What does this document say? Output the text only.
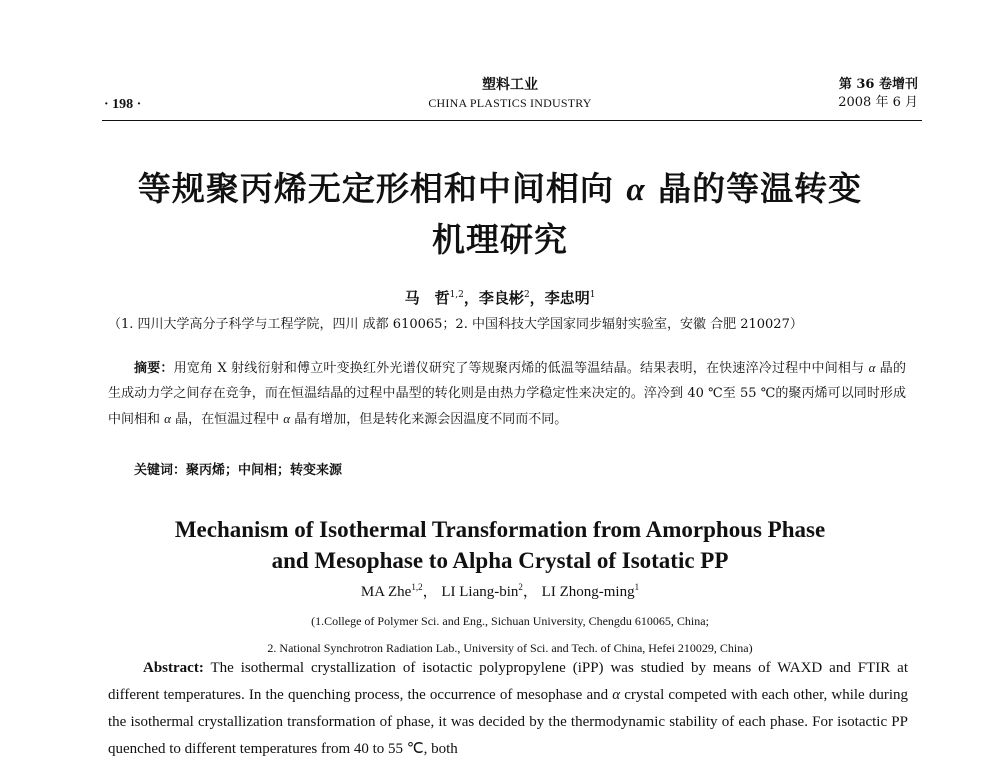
· 198 ·
塑料工业
CHINA PLASTICS INDUSTRY
第 36 卷增刊
2008 年 6 月
等规聚丙烯无定形相和中间相向 α 晶的等温转变
机理研究
马　哲$^{1,2}$，李良彬$^2$，李忠明$^1$
（1. 四川大学高分子科学与工程学院，四川 成都 610065；2. 中国科技大学国家同步辐射实验室，安徽 合肥 210027）
摘要：用宽角 X 射线衍射和傅立叶变换红外光谱仪研究了等规聚丙烯的低温等温结晶。结果表明，在快速淬冷过程中中间相与 α 晶的生成动力学之间存在竞争，而在恒温结晶的过程中晶型的转化则是由热力学稳定性来决定的。淬冷到 40 ℃至 55 ℃的聚丙烯可以同时形成中间相和 α 晶，在恒温过程中 α 晶有增加，但是转化来源会因温度不同而不同。
关键词：聚丙烯；中间相；转变来源
Mechanism of Isothermal Transformation from Amorphous Phase
and Mesophase to Alpha Crystal of Isotatic PP
MA Zhe$^{1,2}$， LI Liang-bin$^2$， LI Zhong-ming$^1$
(1.College of Polymer Sci. and Eng., Sichuan University, Chengdu 610065, China;
2. National Synchrotron Radiation Lab., University of Sci. and Tech. of China, Hefei 210029, China)
Abstract: The isothermal crystallization of isotactic polypropylene (iPP) was studied by means of WAXD and FTIR at different temperatures. In the quenching process, the occurrence of mesophase and α crystal competed with each other, while during the isothermal crystallization transformation of phase, it was decided by the thermodynamic stability of each phase. For isotactic PP quenched to different temperatures from 40 to 55 ℃, both
